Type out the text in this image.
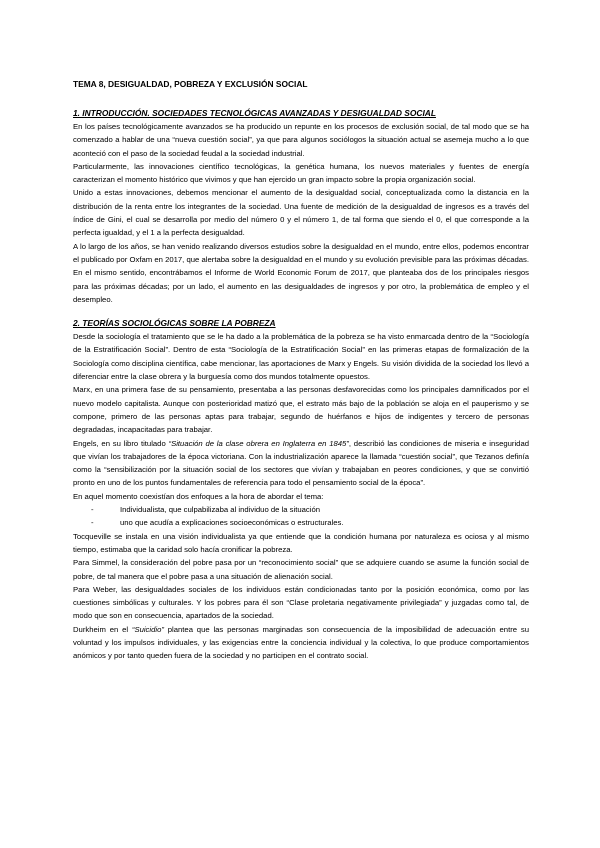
TEMA 8, DESIGUALDAD, POBREZA Y EXCLUSIÓN SOCIAL
1. INTRODUCCIÓN. SOCIEDADES TECNOLÓGICAS AVANZADAS Y DESIGUALDAD SOCIAL

En los países tecnológicamente avanzados se ha producido un repunte en los procesos de exclusión social, de tal modo que se ha comenzado a hablar de una “nueva cuestión social”, ya que para algunos sociólogos la situación actual se asemeja mucho a lo que aconteció con el paso de la sociedad feudal a la sociedad industrial.

Particularmente, las innovaciones científico tecnológicas, la genética humana, los nuevos materiales y fuentes de energía caracterizan el momento histórico que vivimos y que han ejercido un gran impacto sobre la propia organización social.

Unido a estas innovaciones, debemos mencionar el aumento de la desigualdad social, conceptualizada como la distancia en la distribución de la renta entre los integrantes de la sociedad. Una fuente de medición de la desigualdad de ingresos es a través del índice de Gini, el cual se desarrolla por medio del número 0 y el número 1, de tal forma que siendo el 0, el que corresponde a la perfecta igualdad, y el 1 a la perfecta desigualdad.

A lo largo de los años, se han venido realizando diversos estudios sobre la desigualdad en el mundo, entre ellos, podemos encontrar el publicado por Oxfam en 2017, que alertaba sobre la desigualdad en el mundo y su evolución previsible para las próximas décadas. En el mismo sentido, encontrábamos el Informe de World Economic Forum de 2017, que planteaba dos de los principales riesgos para las próximas décadas; por un lado, el aumento en las desigualdades de ingresos y por otro, la problemática de empleo y el desempleo.

2. TEORÍAS SOCIOLÓGICAS SOBRE LA POBREZA

Desde la sociología el tratamiento que se le ha dado a la problemática de la pobreza se ha visto enmarcada dentro de la “Sociología de la Estratificación Social”. Dentro de esta “Sociología de la Estratificación Social” en las primeras etapas de formalización de la Sociología como disciplina científica, cabe mencionar, las aportaciones de Marx y Engels. Su visión dividida de la sociedad los llevó a diferenciar entre la clase obrera y la burguesía como dos mundos totalmente opuestos.

Marx, en una primera fase de su pensamiento, presentaba a las personas desfavorecidas como los principales damnificados por el nuevo modelo capitalista. Aunque con posterioridad matizó que, el estrato más bajo de la población se aloja en el pauperismo y se compone, primero de las personas aptas para trabajar, segundo de huérfanos e hijos de indigentes y tercero de personas degradadas, incapacitadas para trabajar.

Engels, en su libro titulado “Situación de la clase obrera en Inglaterra en 1845”, describió las condiciones de miseria e inseguridad que vivían los trabajadores de la época victoriana. Con la industrialización aparece la llamada “cuestión social”, que Tezanos definía como la “sensibilización por la situación social de los sectores que vivían y trabajaban en peores condiciones, y que se convirtió pronto en uno de los puntos fundamentales de referencia para todo el pensamiento social de la época”.

En aquel momento coexistían dos enfoques a la hora de abordar el tema:

-	Individualista, que culpabilizaba al individuo de la situación
-	uno que acudía a explicaciones socioeconómicas o estructurales.

Tocqueville se instala en una visión individualista ya que entiende que la condición humana por naturaleza es ociosa y al mismo tiempo, estimaba que la caridad solo hacía cronificar la pobreza.

Para Simmel, la consideración del pobre pasa por un “reconocimiento social” que se adquiere cuando se asume la función social de pobre, de tal manera que el pobre pasa a una situación de alienación social.

Para Weber, las desigualdades sociales de los individuos están condicionadas tanto por la posición económica, como por las cuestiones simbólicas y culturales. Y los pobres para él son “Clase proletaria negativamente privilegiada” y juzgadas como tal, de modo que son en consecuencia, apartados de la sociedad.

Durkheim en el “Suicidio” plantea que las personas marginadas son consecuencia de la imposibilidad de adecuación entre su voluntad y los impulsos individuales, y las exigencias entre la conciencia individual y la colectiva, lo que produce comportamientos anómicos y por tanto queden fuera de la sociedad y no participen en el contrato social.
